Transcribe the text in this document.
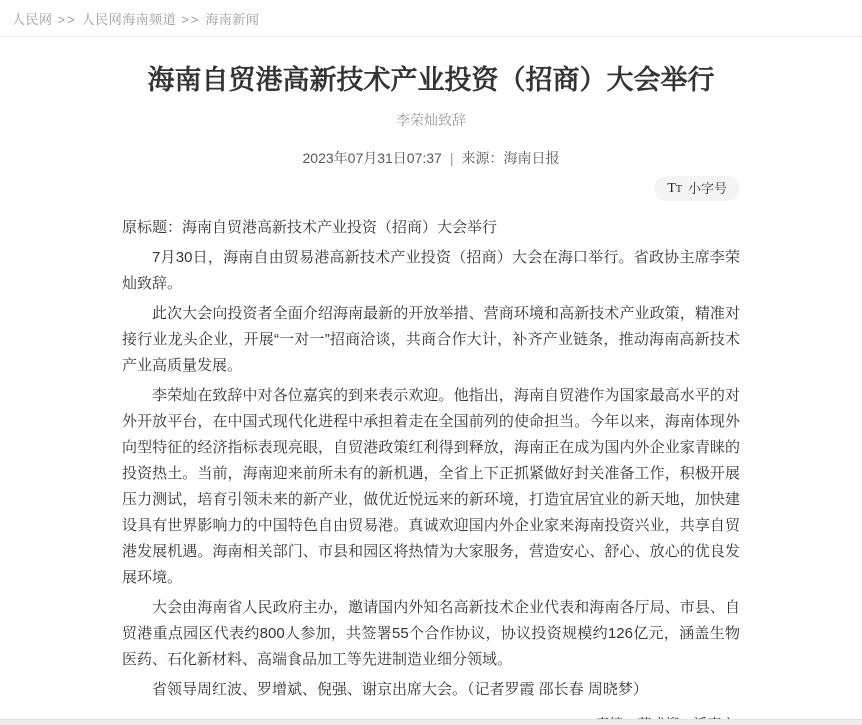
人民网 >> 人民网海南频道 >> 海南新闻
海南自贸港高新技术产业投资（招商）大会举行
李荣灿致辞
2023年07月31日07:37 | 来源：海南日报
TT 小字号

原标题：海南自贸港高新技术产业投资（招商）大会举行

7月30日，海南自由贸易港高新技术产业投资（招商）大会在海口举行。省政协主席李荣灿致辞。

此次大会向投资者全面介绍海南最新的开放举措、营商环境和高新技术产业政策，精准对接行业龙头企业，开展“一对一”招商洽谈，共商合作大计，补齐产业链条，推动海南高新技术产业高质量发展。

李荣灿在致辞中对各位嘉宾的到来表示欢迎。他指出，海南自贸港作为国家最高水平的对外开放平台，在中国式现代化进程中承担着走在全国前列的使命担当。今年以来，海南体现外向型特征的经济指标表现亮眼，自贸港政策红利得到释放，海南正在成为国内外企业家青睐的投资热土。当前，海南迎来前所未有的新机遇，全省上下正抓紧做好封关准备工作，积极开展压力测试，培育引领未来的新产业，做优近悦远来的新环境，打造宜居宜业的新天地，加快建设具有世界影响力的中国特色自由贸易港。真诚欢迎国内外企业家来海南投资兴业，共享自贸港发展机遇。海南相关部门、市县和园区将热情为大家服务，营造安心、舒心、放心的优良发展环境。

大会由海南省人民政府主办，邀请国内外知名高新技术企业代表和海南各厅局、市县、自贸港重点园区代表约800人参加，共签署55个合作协议，协议投资规模约126亿元，涵盖生物医药、石化新材料、高端食品加工等先进制造业细分领域。

省领导周红波、罗增斌、倪强、谢京出席大会。（记者罗霞 邵长春 周晓梦）
